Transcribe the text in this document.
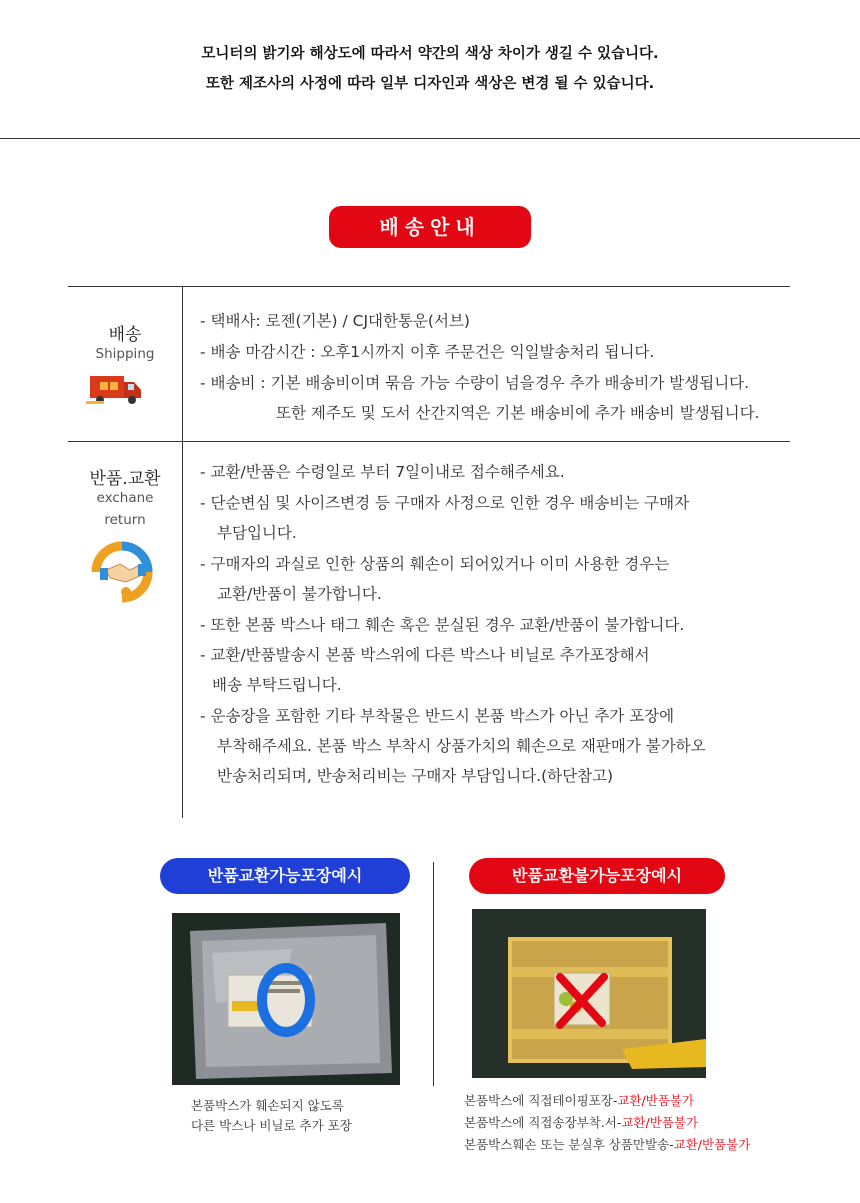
모니터의 밝기와 해상도에 따라서 약간의 색상 차이가 생길 수 있습니다.
또한 제조사의 사정에 따라 일부 디자인과 색상은 변경 될 수 있습니다.
배송안내
배송
Shipping
- 택배사: 로젠(기본) / CJ대한통운(서브)
- 배송 마감시간 : 오후1시까지 이후 주문건은 익일발송처리 됩니다.
- 배송비 : 기본 배송비이며 묶음 가능 수량이 넘을경우 추가 배송비가 발생됩니다.
또한 제주도 및 도서 산간지역은 기본 배송비에 추가 배송비 발생됩니다.
반품.교환
exchane
return
- 교환/반품은 수령일로 부터 7일이내로 접수해주세요.
- 단순변심 및 사이즈변경 등 구매자 사정으로 인한 경우 배송비는 구매자
부담입니다.
- 구매자의 과실로 인한 상품의 훼손이 되어있거나 이미 사용한 경우는
교환/반품이 불가합니다.
- 또한 본품 박스나 태그 훼손 혹은 분실된 경우 교환/반품이 불가합니다.
- 교환/반품발송시 본품 박스위에 다른 박스나 비닐로 추가포장해서
배송 부탁드립니다.
- 운송장을 포함한 기타 부착물은 반드시 본품 박스가 아닌 추가 포장에
부착해주세요. 본품 박스 부착시 상품가치의 훼손으로 재판매가 불가하오
반송처리되며, 반송처리비는 구매자 부담입니다.(하단참고)
반품교환가능포장예시	반품교환불가능포장예시
본품박스가 훼손되지 않도록
다른 박스나 비닐로 추가 포장
본품박스에 직접테이핑포장-교환/반품불가
본품박스에 직접송장부착.서-교환/반품불가
본품박스훼손 또는 분실후 상품만발송-교환/반품불가
